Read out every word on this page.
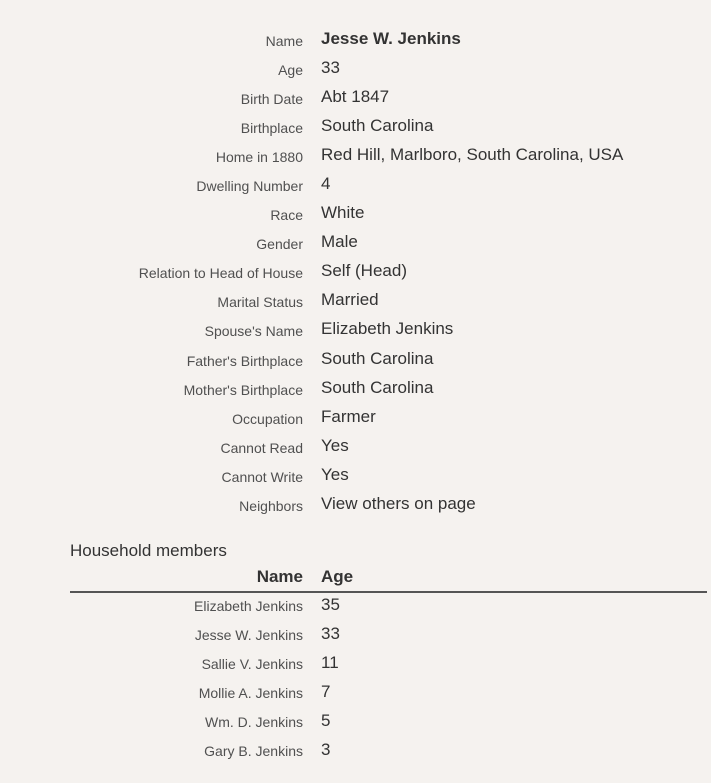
Name Jesse W. Jenkins
Age 33
Birth Date Abt 1847
Birthplace South Carolina
Home in 1880 Red Hill, Marlboro, South Carolina, USA
Dwelling Number 4
Race White
Gender Male
Relation to Head of House Self (Head)
Marital Status Married
Spouse's Name Elizabeth Jenkins
Father's Birthplace South Carolina
Mother's Birthplace South Carolina
Occupation Farmer
Cannot Read Yes
Cannot Write Yes
Neighbors View others on page
Household members
Name Age
Elizabeth Jenkins 35
Jesse W. Jenkins 33
Sallie V. Jenkins 11
Mollie A. Jenkins 7
Wm. D. Jenkins 5
Gary B. Jenkins 3
